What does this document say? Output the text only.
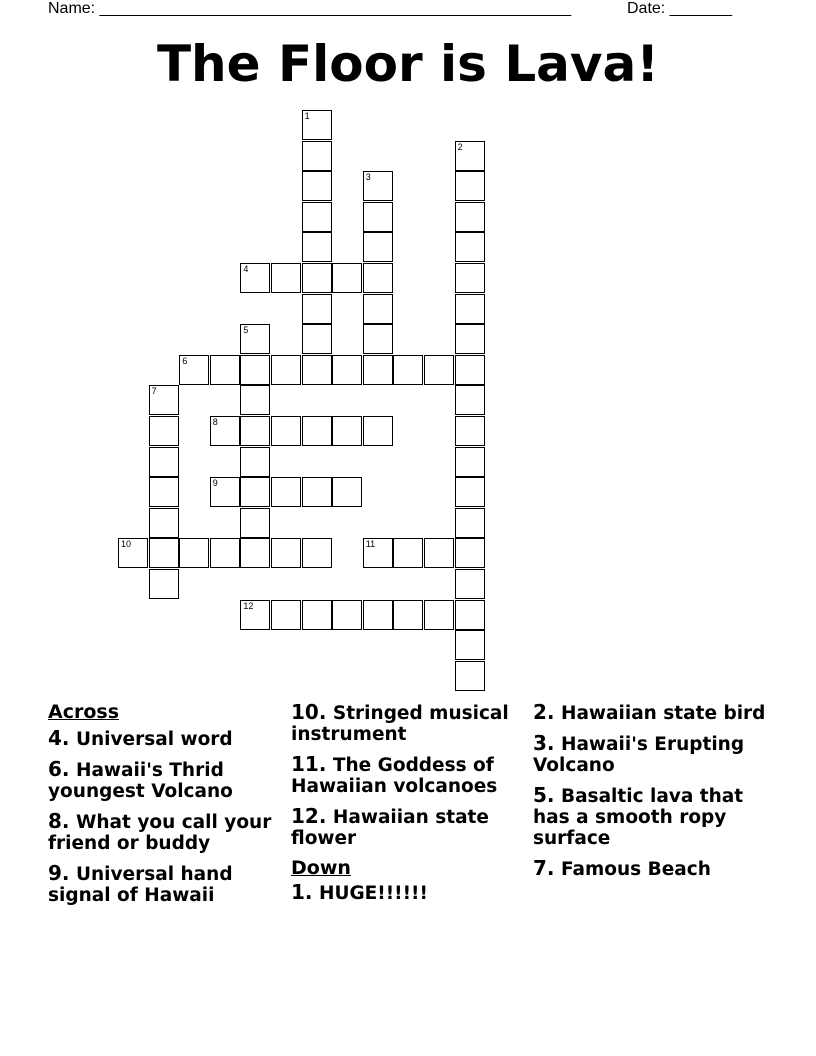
Name: _____________________________________________________	Date: _______
The Floor is Lava!
1
2
3
4
5
6
7
8
9
10	11
12
Across
4. Universal word
6. Hawaii's Thrid youngest Volcano
8. What you call your friend or buddy
9. Universal hand signal of Hawaii
10. Stringed musical instrument
11. The Goddess of Hawaiian volcanoes
12. Hawaiian state flower
Down
1. HUGE!!!!!!
2. Hawaiian state bird
3. Hawaii's Erupting Volcano
5. Basaltic lava that has a smooth ropy surface
7. Famous Beach
